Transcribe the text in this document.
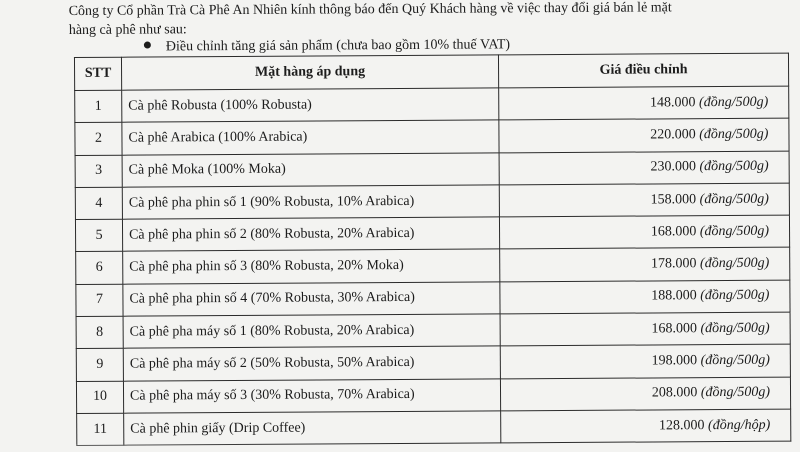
Công ty Cổ phần Trà Cà Phê An Nhiên kính thông báo đến Quý Khách hàng về việc thay đổi giá bán lẻ mặt
hàng cà phê như sau:
Điều chỉnh tăng giá sản phẩm (chưa bao gồm 10% thuế VAT)
STT	Mặt hàng áp dụng	Giá điều chỉnh
1	Cà phê Robusta (100% Robusta)	148.000 (đồng/500g)
2	Cà phê Arabica (100% Arabica)	220.000 (đồng/500g)
3	Cà phê Moka (100% Moka)	230.000 (đồng/500g)
4	Cà phê pha phin số 1 (90% Robusta, 10% Arabica)	158.000 (đồng/500g)
5	Cà phê pha phin số 2 (80% Robusta, 20% Arabica)	168.000 (đồng/500g)
6	Cà phê pha phin số 3 (80% Robusta, 20% Moka)	178.000 (đồng/500g)
7	Cà phê pha phin số 4 (70% Robusta, 30% Arabica)	188.000 (đồng/500g)
8	Cà phê pha máy số 1 (80% Robusta, 20% Arabica)	168.000 (đồng/500g)
9	Cà phê pha máy số 2 (50% Robusta, 50% Arabica)	198.000 (đồng/500g)
10	Cà phê pha máy số 3 (30% Robusta, 70% Arabica)	208.000 (đồng/500g)
11	Cà phê phin giấy (Drip Coffee)	128.000 (đồng/hộp)
